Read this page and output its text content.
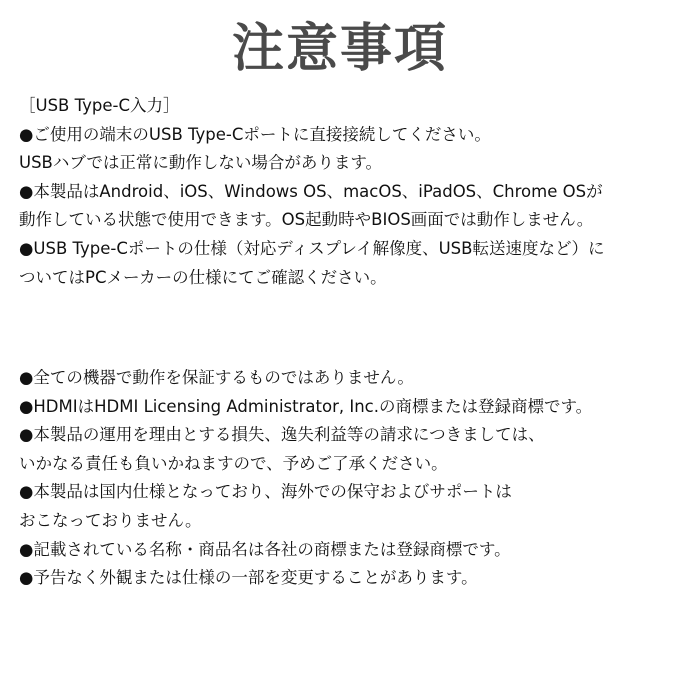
注意事項
［USB Type-C入力］
●ご使用の端末のUSB Type-Cポートに直接接続してください。
USBハブでは正常に動作しない場合があります。
●本製品はAndroid、iOS、Windows OS、macOS、iPadOS、Chrome OSが
動作している状態で使用できます。OS起動時やBIOS画面では動作しません。
●USB Type-Cポートの仕様（対応ディスプレイ解像度、USB転送速度など）に
ついてはPCメーカーの仕様にてご確認ください。
●全ての機器で動作を保証するものではありません。
●HDMIはHDMI Licensing Administrator, Inc.の商標または登録商標です。
●本製品の運用を理由とする損失、逸失利益等の請求につきましては、
いかなる責任も負いかねますので、予めご了承ください。
●本製品は国内仕様となっており、海外での保守およびサポートは
おこなっておりません。
●記載されている名称・商品名は各社の商標または登録商標です。
●予告なく外観または仕様の一部を変更することがあります。
